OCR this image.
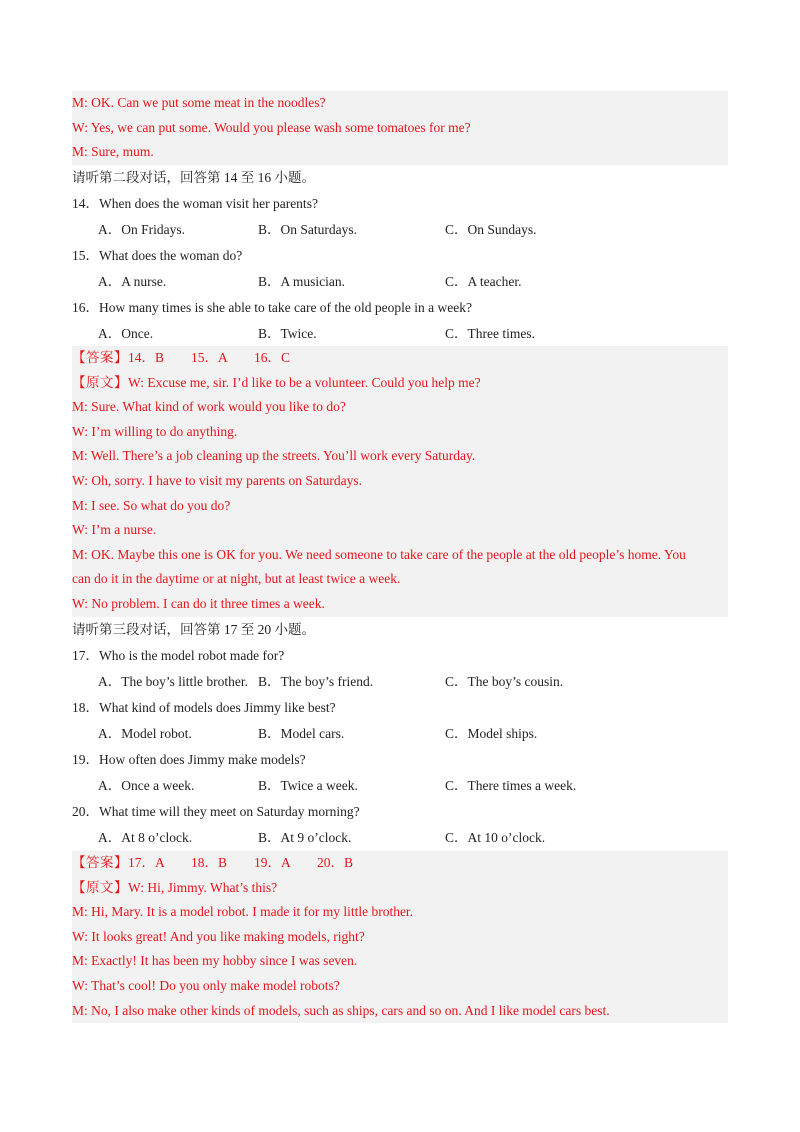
M: OK. Can we put some meat in the noodles?
W: Yes, we can put some. Would you please wash some tomatoes for me?
M: Sure, mum.
请听第二段对话，回答第 14 至 16 小题。
14．When does the woman visit her parents?
A．On Fridays.	B．On Saturdays.	C．On Sundays.
15．What does the woman do?
A．A nurse.	B．A musician.	C．A teacher.
16．How many times is she able to take care of the old people in a week?
A．Once.	B．Twice.	C．Three times.
【答案】14．B　　15．A　　16．C
【原文】W: Excuse me, sir. I’d like to be a volunteer. Could you help me?
M: Sure. What kind of work would you like to do?
W: I’m willing to do anything.
M: Well. There’s a job cleaning up the streets. You’ll work every Saturday.
W: Oh, sorry. I have to visit my parents on Saturdays.
M: I see. So what do you do?
W: I’m a nurse.
M: OK. Maybe this one is OK for you. We need someone to take care of the people at the old people’s home. You
can do it in the daytime or at night, but at least twice a week.
W: No problem. I can do it three times a week.
请听第三段对话，回答第 17 至 20 小题。
17．Who is the model robot made for?
A．The boy’s little brother. B．The boy’s friend.	C．The boy’s cousin.
18．What kind of models does Jimmy like best?
A．Model robot.	B．Model cars.	C．Model ships.
19．How often does Jimmy make models?
A．Once a week.	B．Twice a week.	C．There times a week.
20．What time will they meet on Saturday morning?
A．At 8 o’clock.	B．At 9 o’clock.	C．At 10 o’clock.
【答案】17．A　　18．B　　19．A　　20．B
【原文】W: Hi, Jimmy. What’s this?
M: Hi, Mary. It is a model robot. I made it for my little brother.
W: It looks great! And you like making models, right?
M: Exactly! It has been my hobby since I was seven.
W: That’s cool! Do you only make model robots?
M: No, I also make other kinds of models, such as ships, cars and so on. And I like model cars best.
